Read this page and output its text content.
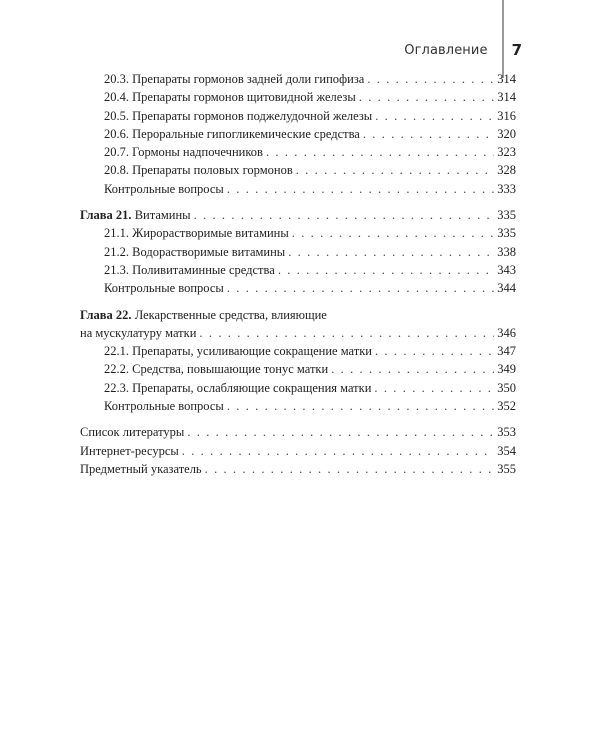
Оглавление 7
20.3. Препараты гормонов задней доли гипофиза . . .	314
20.4. Препараты гормонов щитовидной железы . . .	314
20.5. Препараты гормонов поджелудочной железы . . .	316
20.6. Пероральные гипогликемические средства . . .	320
20.7. Гормоны надпочечников . . .	323
20.8. Препараты половых гормонов . . .	328
Контрольные вопросы . . .	333
Глава 21. Витамины . . .	335
21.1. Жирорастворимые витамины . . .	335
21.2. Водорастворимые витамины . . .	338
21.3. Поливитаминные средства . . .	343
Контрольные вопросы . . .	344
Глава 22. Лекарственные средства, влияющие
на мускулатуру матки . . .	346
22.1. Препараты, усиливающие сокращение матки . . .	347
22.2. Средства, повышающие тонус матки . . .	349
22.3. Препараты, ослабляющие сокращения матки . . .	350
Контрольные вопросы . . .	352
Список литературы . . .	353
Интернет-ресурсы . . .	354
Предметный указатель . . .	355
